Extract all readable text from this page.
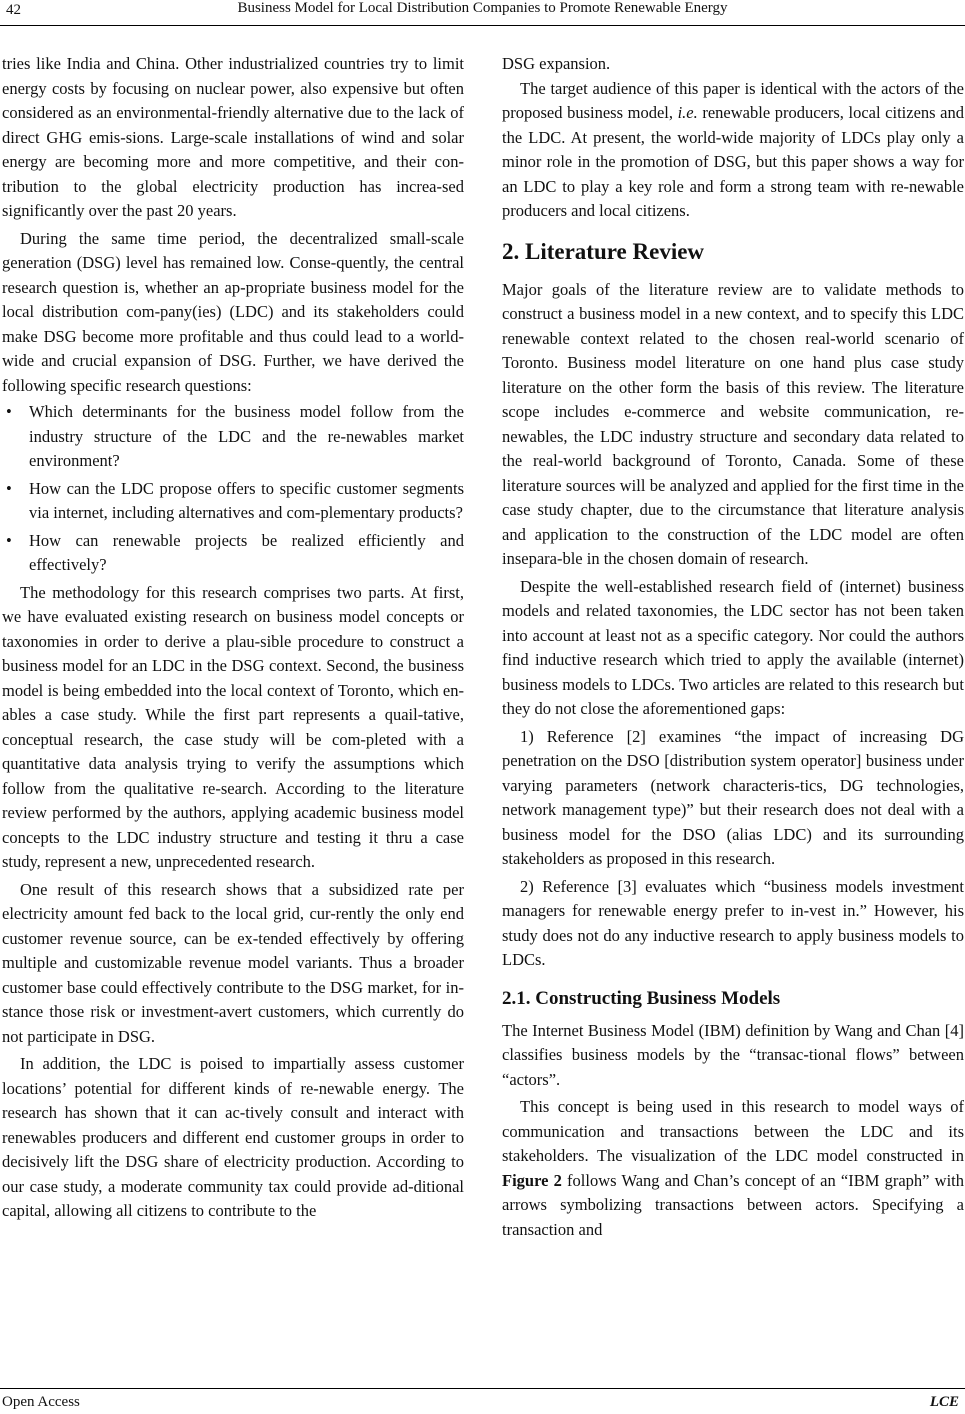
42	Business Model for Local Distribution Companies to Promote Renewable Energy

tries like India and China. Other industrialized countries try to limit energy costs by focusing on nuclear power, also expensive but often considered as an environmental-friendly alternative due to the lack of direct GHG emis-sions. Large-scale installations of wind and solar energy are becoming more and more competitive, and their con-tribution to the global electricity production has increa-sed significantly over the past 20 years.

During the same time period, the decentralized small-scale generation (DSG) level has remained low. Conse-quently, the central research question is, whether an ap-propriate business model for the local distribution com-pany(ies) (LDC) and its stakeholders could make DSG become more profitable and thus could lead to a world-wide and crucial expansion of DSG. Further, we have derived the following specific research questions:

• Which determinants for the business model follow from the industry structure of the LDC and the re-newables market environment?
• How can the LDC propose offers to specific customer segments via internet, including alternatives and com-plementary products?
• How can renewable projects be realized efficiently and effectively?

The methodology for this research comprises two parts. At first, we have evaluated existing research on business model concepts or taxonomies in order to derive a plau-sible procedure to construct a business model for an LDC in the DSG context. Second, the business model is being embedded into the local context of Toronto, which en-ables a case study. While the first part represents a quail-tative, conceptual research, the case study will be com-pleted with a quantitative data analysis trying to verify the assumptions which follow from the qualitative re-search. According to the literature review performed by the authors, applying academic business model concepts to the LDC industry structure and testing it thru a case study, represent a new, unprecedented research.

One result of this research shows that a subsidized rate per electricity amount fed back to the local grid, cur-rently the only end customer revenue source, can be ex-tended effectively by offering multiple and customizable revenue model variants. Thus a broader customer base could effectively contribute to the DSG market, for in-stance those risk or investment-avert customers, which currently do not participate in DSG.

In addition, the LDC is poised to impartially assess customer locations’ potential for different kinds of re-newable energy. The research has shown that it can ac-tively consult and interact with renewables producers and different end customer groups in order to decisively lift the DSG share of electricity production. According to our case study, a moderate community tax could provide ad-ditional capital, allowing all citizens to contribute to the

DSG expansion.

The target audience of this paper is identical with the actors of the proposed business model, i.e. renewable producers, local citizens and the LDC. At present, the world-wide majority of LDCs play only a minor role in the promotion of DSG, but this paper shows a way for an LDC to play a key role and form a strong team with re-newable producers and local citizens.

2. Literature Review

Major goals of the literature review are to validate methods to construct a business model in a new context, and to specify this LDC renewable context related to the chosen real-world scenario of Toronto. Business model literature on one hand plus case study literature on the other form the basis of this review. The literature scope includes e-commerce and website communication, re-newables, the LDC industry structure and secondary data related to the real-world background of Toronto, Canada. Some of these literature sources will be analyzed and applied for the first time in the case study chapter, due to the circumstance that literature analysis and application to the construction of the LDC model are often insepara-ble in the chosen domain of research.

Despite the well-established research field of (internet) business models and related taxonomies, the LDC sector has not been taken into account at least not as a specific category. Nor could the authors find inductive research which tried to apply the available (internet) business models to LDCs. Two articles are related to this research but they do not close the aforementioned gaps:

1) Reference [2] examines “the impact of increasing DG penetration on the DSO [distribution system operator] business under varying parameters (network characteris-tics, DG technologies, network management type)” but their research does not deal with a business model for the DSO (alias LDC) and its surrounding stakeholders as proposed in this research.

2) Reference [3] evaluates which “business models investment managers for renewable energy prefer to in-vest in.” However, his study does not do any inductive research to apply business models to LDCs.

2.1. Constructing Business Models

The Internet Business Model (IBM) definition by Wang and Chan [4] classifies business models by the “transac-tional flows” between “actors”.

This concept is being used in this research to model ways of communication and transactions between the LDC and its stakeholders. The visualization of the LDC model constructed in Figure 2 follows Wang and Chan’s concept of an “IBM graph” with arrows symbolizing transactions between actors. Specifying a transaction and

Open Access	LCE
